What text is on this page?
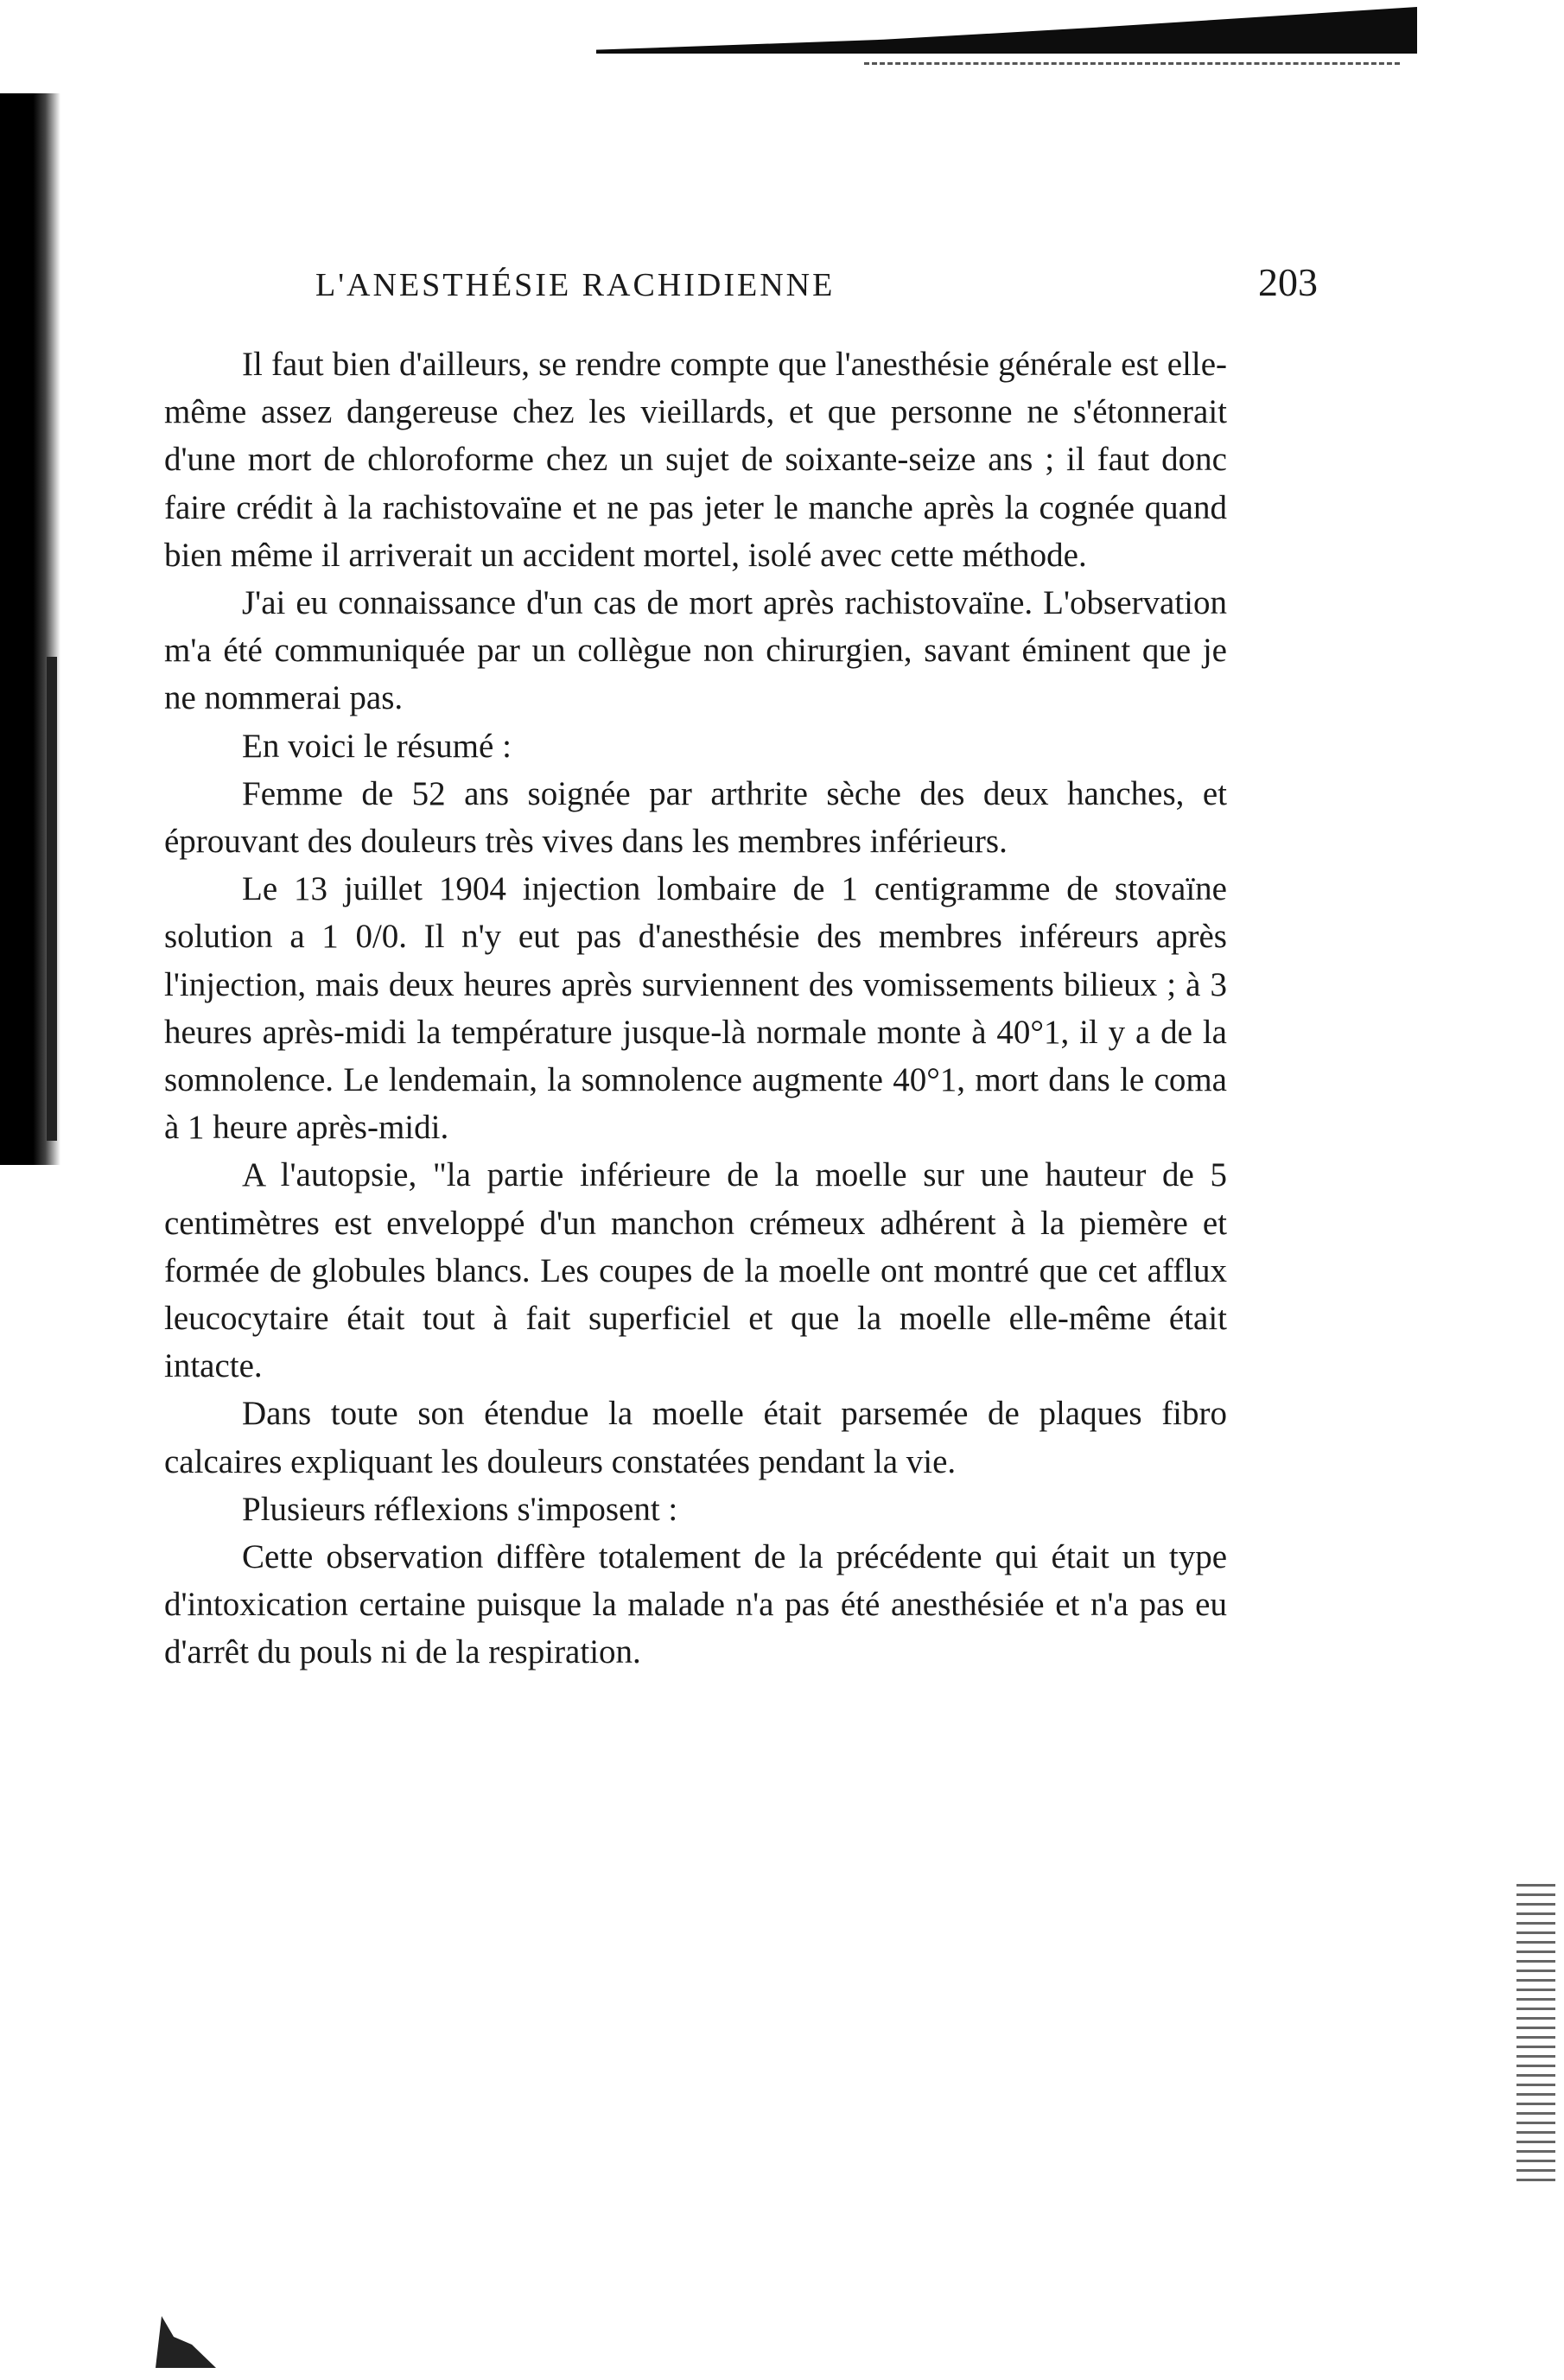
L'ANESTHÉSIE RACHIDIENNE	203

Il faut bien d'ailleurs, se rendre compte que l'anesthésie générale est elle-même assez dangereuse chez les vieillards, et que personne ne s'étonnerait d'une mort de chloroforme chez un sujet de soixante-seize ans ; il faut donc faire crédit à la rachistovaïne et ne pas jeter le manche après la cognée quand bien même il arriverait un accident mortel, isolé avec cette méthode.

J'ai eu connaissance d'un cas de mort après rachistovaïne. L'observation m'a été communiquée par un collègue non chirurgien, savant éminent que je ne nommerai pas.

En voici le résumé :

Femme de 52 ans soignée par arthrite sèche des deux hanches, et éprouvant des douleurs très vives dans les membres inférieurs.

Le 13 juillet 1904 injection lombaire de 1 centigramme de stovaïne solution a 1 0/0. Il n'y eut pas d'anesthésie des membres inféreurs après l'injection, mais deux heures après surviennent des vomissements bilieux ; à 3 heures après-midi la température jusque-là normale monte à 40°1, il y a de la somnolence. Le lendemain, la somnolence augmente 40°1, mort dans le coma à 1 heure après-midi.

A l'autopsie, "la partie inférieure de la moelle sur une hauteur de 5 centimètres est enveloppé d'un manchon crémeux adhérent à la piemère et formée de globules blancs. Les coupes de la moelle ont montré que cet afflux leucocytaire était tout à fait superficiel et que la moelle elle-même était intacte.

Dans toute son étendue la moelle était parsemée de plaques fibro calcaires expliquant les douleurs constatées pendant la vie.

Plusieurs réflexions s'imposent :

Cette observation diffère totalement de la précédente qui était un type d'intoxication certaine puisque la malade n'a pas été anesthésiée et n'a pas eu d'arrêt du pouls ni de la respiration.
